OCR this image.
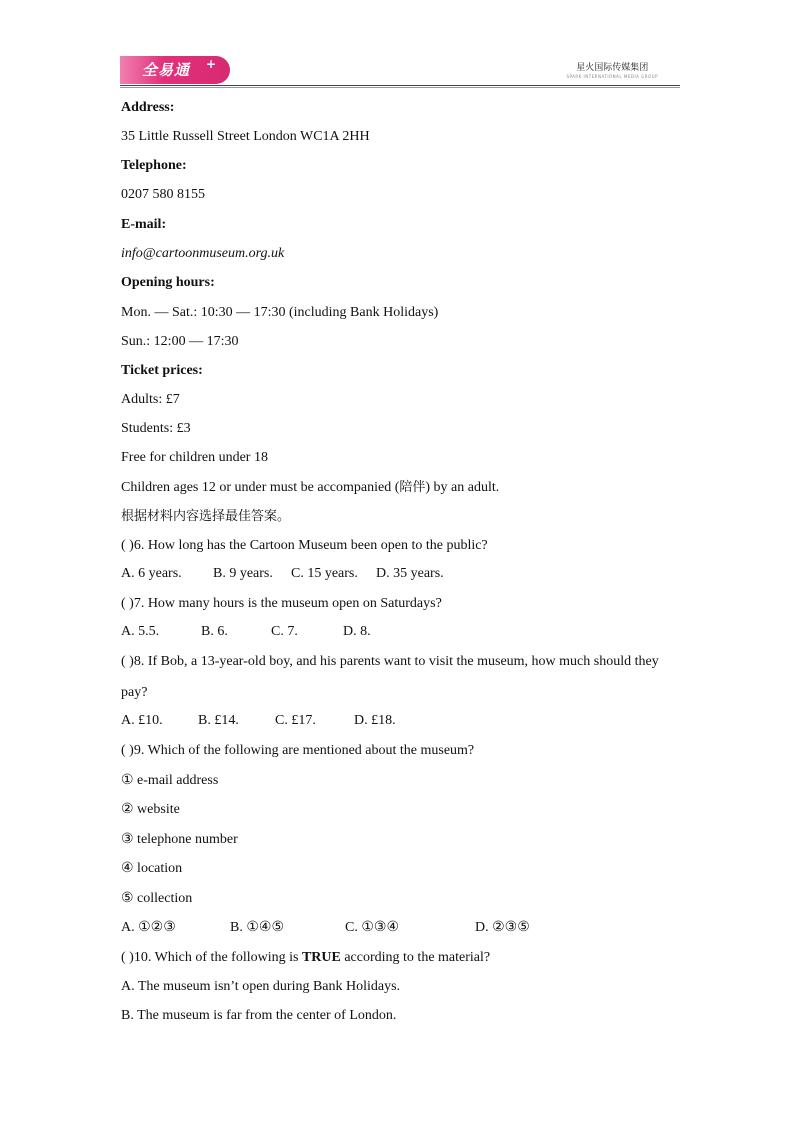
全易通 +	星火国际传媒集团
SPARK INTERNATIONAL MEDIA GROUP
Address:
35 Little Russell Street London WC1A 2HH
Telephone:
0207 580 8155
E-mail:
info@cartoonmuseum.org.uk
Opening hours:
Mon. — Sat.: 10:30 — 17:30 (including Bank Holidays)
Sun.: 12:00 — 17:30
Ticket prices:
Adults: £7
Students: £3
Free for children under 18
Children ages 12 or under must be accompanied (陪伴) by an adult.
根据材料内容选择最佳答案。
( )6. How long has the Cartoon Museum been open to the public?
A. 6 years. B. 9 years. C. 15 years. D. 35 years.
( )7. How many hours is the museum open on Saturdays?
A. 5.5.	B. 6.	C. 7.	D. 8.
( )8. If Bob, a 13-year-old boy, and his parents want to visit the museum, how much should they
pay?
A. £10.	B. £14.	C. £17.	D. £18.
( )9. Which of the following are mentioned about the museum?
① e-mail address
② website
③ telephone number
④ location
⑤ collection
A. ①②③	B. ①④⑤	C. ①③④	D. ②③⑤
( )10. Which of the following is TRUE according to the material?
A. The museum isn’t open during Bank Holidays.
B. The museum is far from the center of London.
